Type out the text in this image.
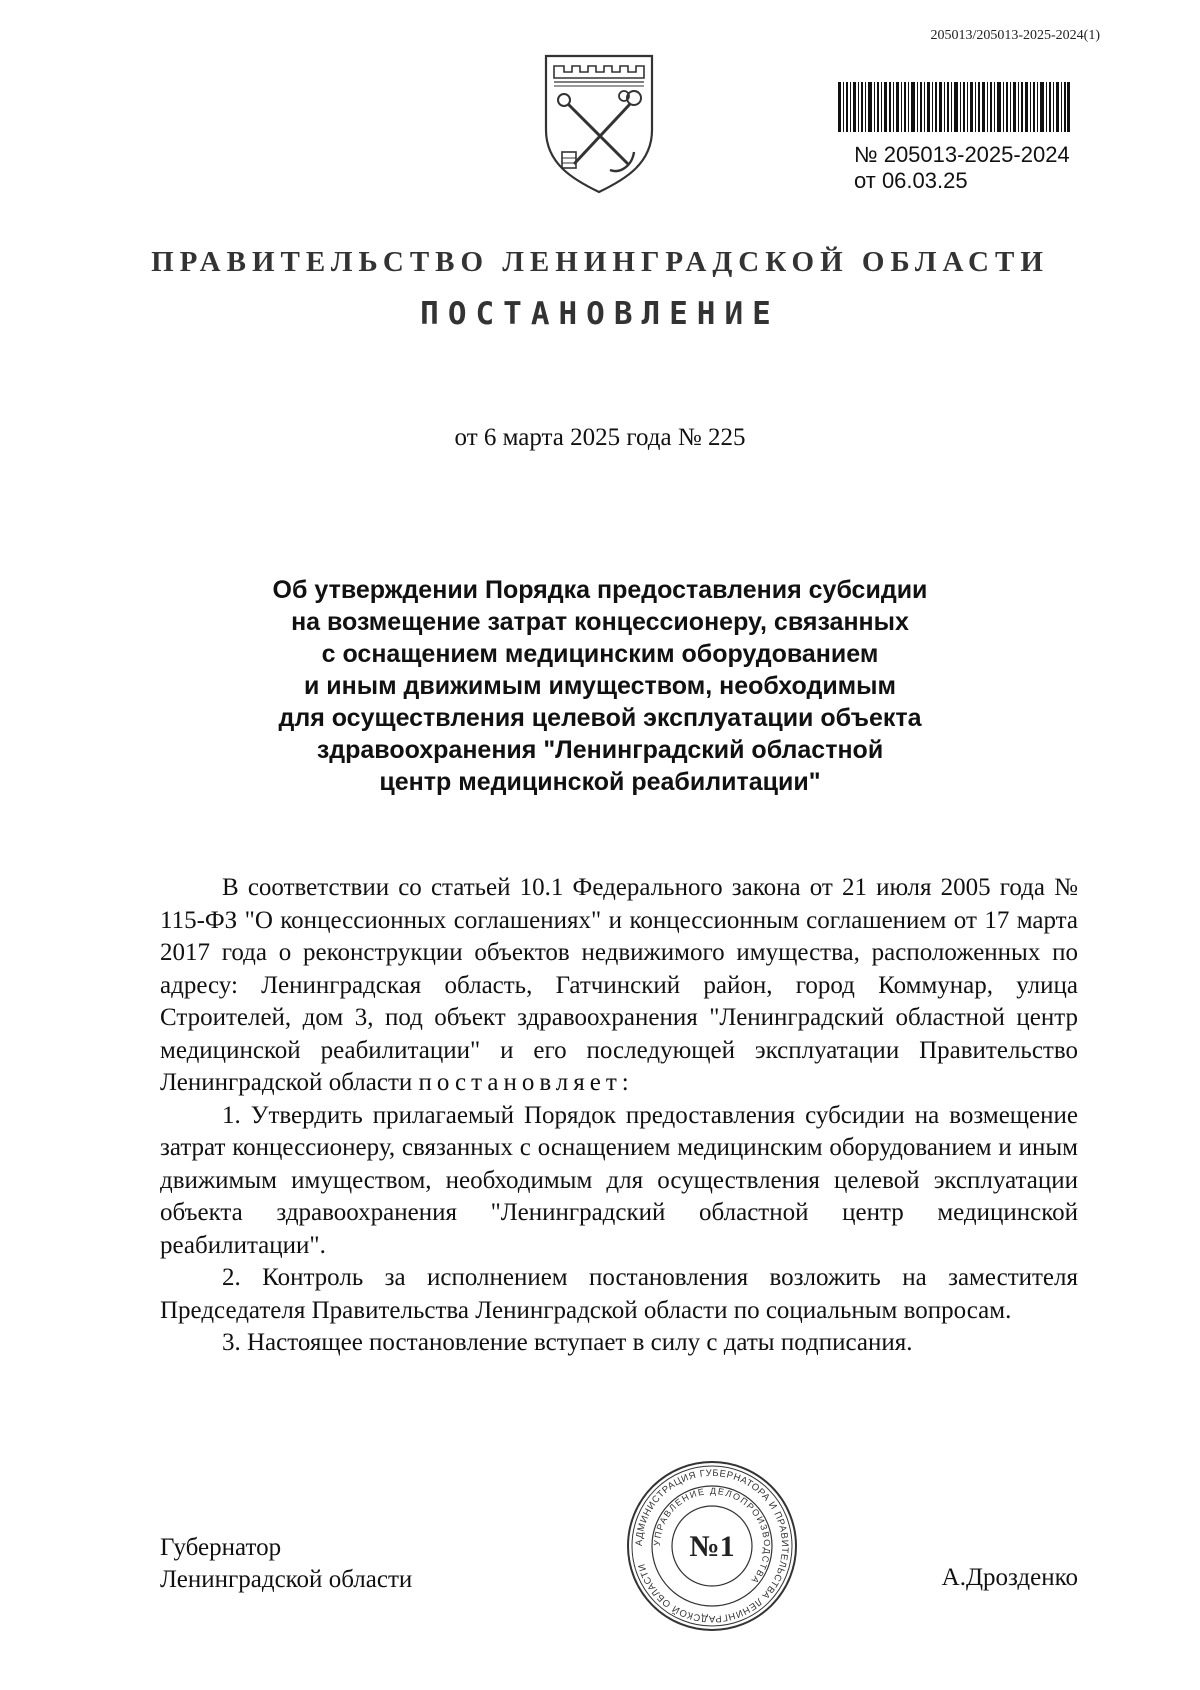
205013/205013-2025-2024(1)
№ 205013-2025-2024
от 06.03.25
ПРАВИТЕЛЬСТВО ЛЕНИНГРАДСКОЙ ОБЛАСТИ
ПОСТАНОВЛЕНИЕ
от 6 марта 2025 года № 225
Об утверждении Порядка предоставления субсидии
на возмещение затрат концессионеру, связанных
с оснащением медицинским оборудованием
и иным движимым имуществом, необходимым
для осуществления целевой эксплуатации объекта
здравоохранения "Ленинградский областной
центр медицинской реабилитации"

В соответствии со статьей 10.1 Федерального закона от 21 июля 2005 года № 115-ФЗ "О концессионных соглашениях" и концессионным соглашением от 17 марта 2017 года о реконструкции объектов недвижимого имущества, расположенных по адресу: Ленинградская область, Гатчинский район, город Коммунар, улица Строителей, дом 3, под объект здравоохранения "Ленинградский областной центр медицинской реабилитации" и его последующей эксплуатации Правительство Ленинградской области постановляет:

1. Утвердить прилагаемый Порядок предоставления субсидии на возмещение затрат концессионеру, связанных с оснащением медицинским оборудованием и иным движимым имуществом, необходимым для осуществления целевой эксплуатации объекта здравоохранения "Ленинградский областной центр медицинской реабилитации".

2. Контроль за исполнением постановления возложить на заместителя Председателя Правительства Ленинградской области по социальным вопросам.

3. Настоящее постановление вступает в силу с даты подписания.

Губернатор
Ленинградской области
АДМИНИСТРАЦИЯ ГУБЕРНАТОРА И ПРАВИТЕЛЬСТВА ЛЕНИНГРАДСКОЙ ОБЛАСТИ
УПРАВЛЕНИЕ ДЕЛОПРОИЗВОДСТВА
№1
А.Дрозденко
